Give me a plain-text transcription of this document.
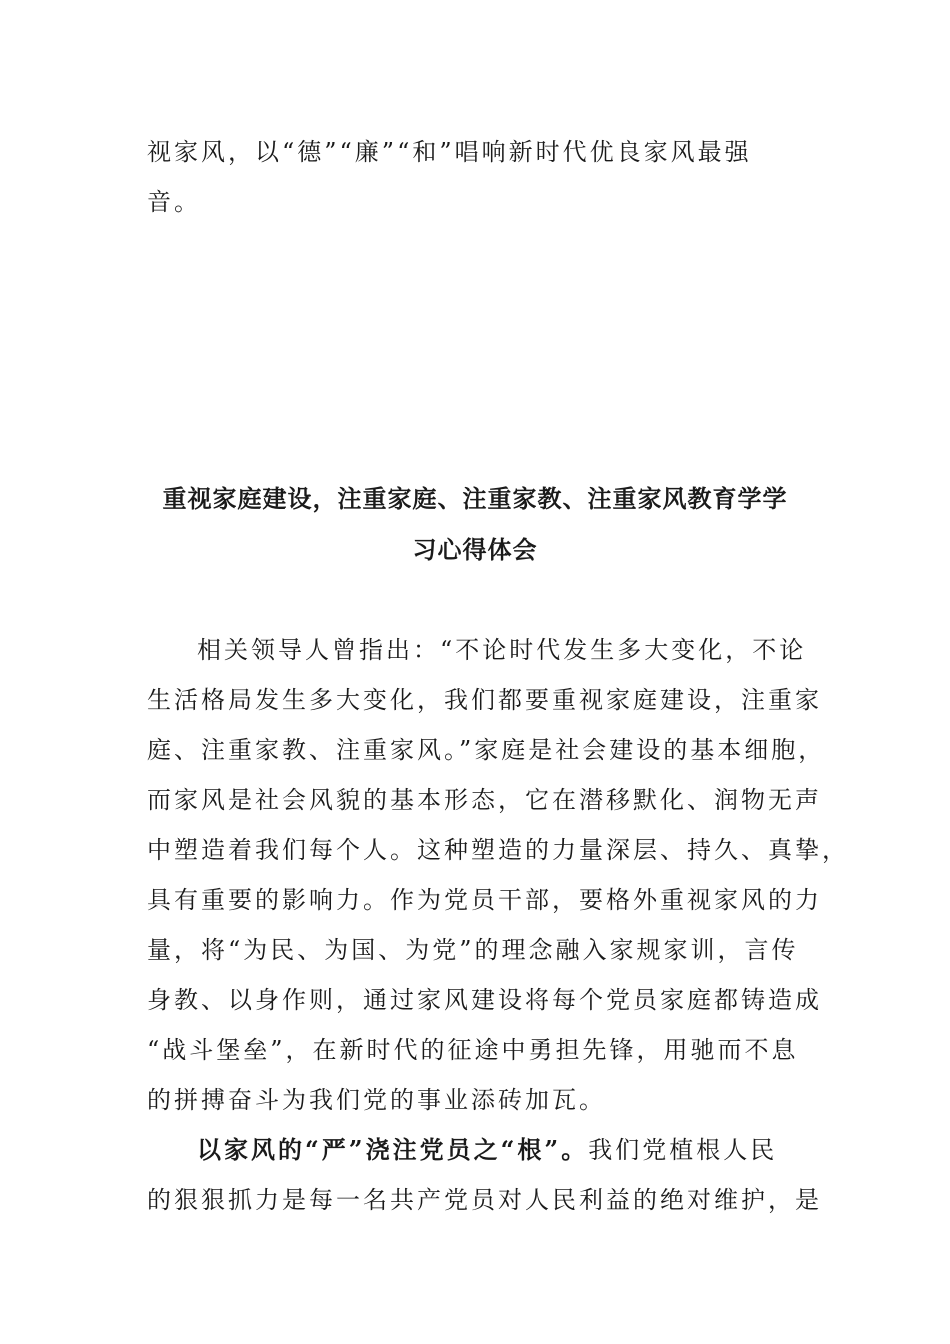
视家风，以“德”“廉”“和”唱响新时代优良家风最强
音。
重视家庭建设，注重家庭、注重家教、注重家风教育学学
习心得体会
相关领导人曾指出：“不论时代发生多大变化，不论
生活格局发生多大变化，我们都要重视家庭建设，注重家
庭、注重家教、注重家风。”家庭是社会建设的基本细胞，
而家风是社会风貌的基本形态，它在潜移默化、润物无声
中塑造着我们每个人。这种塑造的力量深层、持久、真挚，
具有重要的影响力。作为党员干部，要格外重视家风的力
量，将“为民、为国、为党”的理念融入家规家训，言传
身教、以身作则，通过家风建设将每个党员家庭都铸造成
“战斗堡垒”，在新时代的征途中勇担先锋，用驰而不息
的拼搏奋斗为我们党的事业添砖加瓦。
以家风的“严”浇注党员之“根”。我们党植根人民
的狠狠抓力是每一名共产党员对人民利益的绝对维护，是
